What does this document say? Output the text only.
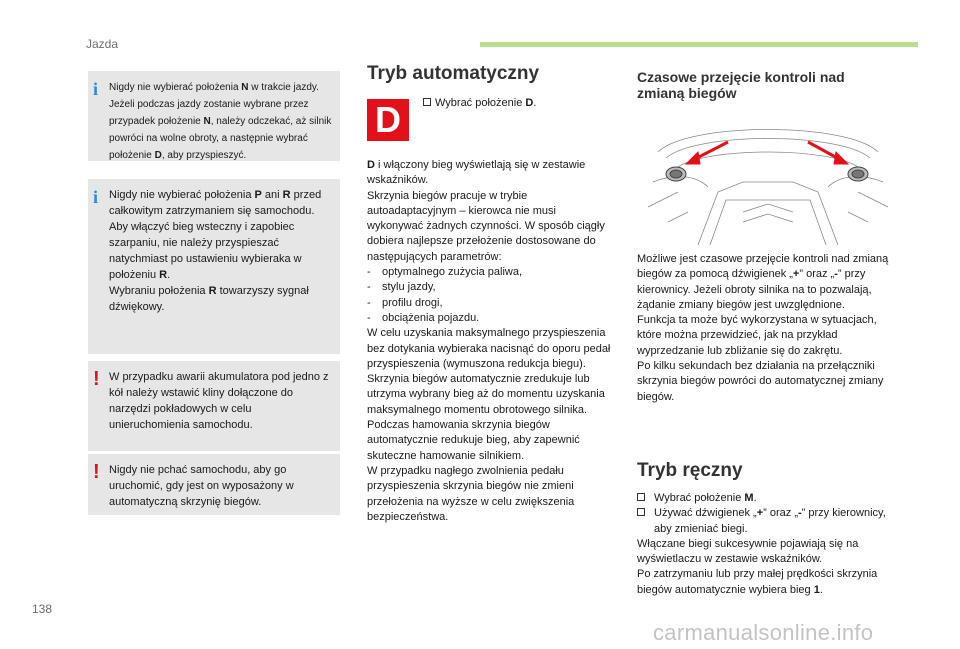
Jazda
i	Nigdy nie wybierać położenia N w trakcie jazdy. Jeżeli podczas jazdy zostanie wybrane przez przypadek położenie N, należy odczekać, aż silnik powróci na wolne obroty, a następnie wybrać położenie D, aby przyspieszyć.
i Nigdy nie wybierać położenia P ani R przed całkowitym zatrzymaniem się samochodu.

Aby włączyć bieg wsteczny i zapobiec szarpaniu, nie należy przyspieszać natychmiast po ustawieniu wybieraka w położeniu R.

Wybraniu położenia R towarzyszy sygnał dźwiękowy.

! W przypadku awarii akumulatora pod jedno z kół należy wstawić kliny dołączone do narzędzi pokładowych w celu unieruchomienia samochodu.
! Nigdy nie pchać samochodu, aby go uruchomić, gdy jest on wyposażony w automatyczną skrzynię biegów.
Tryb automatyczny
D	Wybrać położenie D.

D i włączony bieg wyświetlają się w zestawie wskaźników.

Skrzynia biegów pracuje w trybie autoadaptacyjnym – kierowca nie musi wykonywać żadnych czynności. W sposób ciągły dobiera najlepsze przełożenie dostosowane do następujących parametrów:

- optymalnego zużycia paliwa,
- stylu jazdy,
- profilu drogi,
- obciążenia pojazdu.

W celu uzyskania maksymalnego przyspieszenia bez dotykania wybieraka nacisnąć do oporu pedał przyspieszenia (wymuszona redukcja biegu). Skrzynia biegów automatycznie zredukuje lub utrzyma wybrany bieg aż do momentu uzyskania maksymalnego momentu obrotowego silnika.

Podczas hamowania skrzynia biegów automatycznie redukuje bieg, aby zapewnić skuteczne hamowanie silnikiem.

W przypadku nagłego zwolnienia pedału przyspieszenia skrzynia biegów nie zmieni przełożenia na wyższe w celu zwiększenia bezpieczeństwa.

Czasowe przejęcie kontroli nad
zmianą biegów

Możliwe jest czasowe przejęcie kontroli nad zmianą biegów za pomocą dźwigienek „+” oraz „-” przy kierownicy. Jeżeli obroty silnika na to pozwalają, żądanie zmiany biegów jest uwzględnione.

Funkcja ta może być wykorzystana w sytuacjach, które można przewidzieć, jak na przykład wyprzedzanie lub zbliżanie się do zakrętu.

Po kilku sekundach bez działania na przełączniki skrzynia biegów powróci do automatycznej zmiany biegów.

Tryb ręczny
Wybrać położenie M.
Używać dźwigienek „+” oraz „-” przy kierownicy, aby zmieniać biegi.

Włączane biegi sukcesywnie pojawiają się na wyświetlaczu w zestawie wskaźników.

Po zatrzymaniu lub przy małej prędkości skrzynia biegów automatycznie wybiera bieg 1.

138
carmanualsonline.info
